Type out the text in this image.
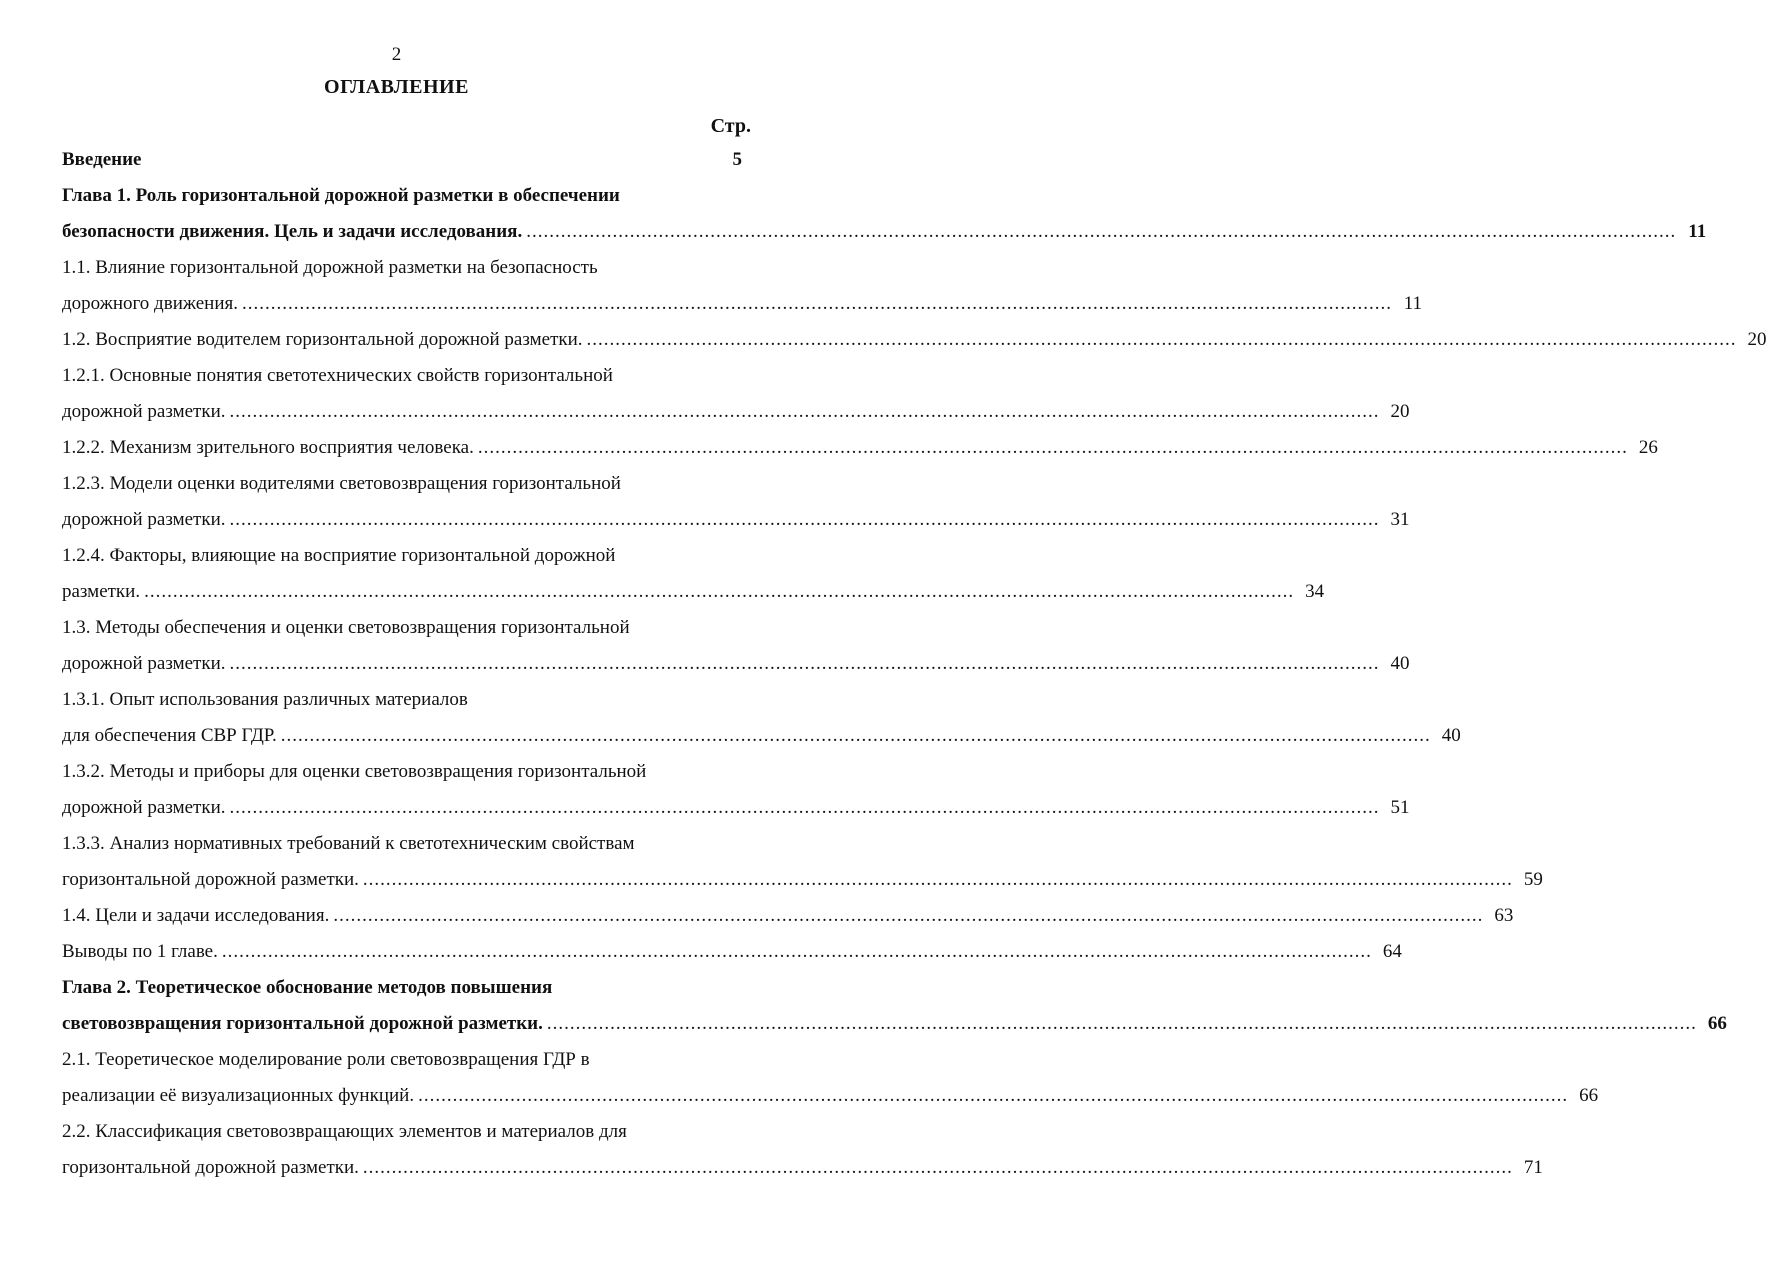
2
ОГЛАВЛЕНИЕ
Стр.
Введение	5
Глава 1. Роль горизонтальной дорожной разметки в обеспечении
безопасности движения. Цель и задачи исследования. ........................................................................................................................................................................................................ 11
1.1. Влияние горизонтальной дорожной разметки на безопасность
дорожного движения. ........................................................................................................................................................................................................ 11
1.2. Восприятие водителем горизонтальной дорожной разметки. ........................................................................................................................................................................................................ 20
1.2.1. Основные понятия светотехнических свойств горизонтальной
дорожной разметки. ........................................................................................................................................................................................................ 20
1.2.2. Механизм зрительного восприятия человека. ........................................................................................................................................................................................................ 26
1.2.3. Модели оценки водителями световозвращения горизонтальной
дорожной разметки. ........................................................................................................................................................................................................ 31
1.2.4. Факторы, влияющие на восприятие горизонтальной дорожной
разметки. ........................................................................................................................................................................................................ 34
1.3. Методы обеспечения и оценки световозвращения горизонтальной
дорожной разметки. ........................................................................................................................................................................................................ 40
1.3.1. Опыт использования различных материалов
для обеспечения СВР ГДР. ........................................................................................................................................................................................................ 40
1.3.2. Методы и приборы для оценки световозвращения горизонтальной
дорожной разметки. ........................................................................................................................................................................................................ 51
1.3.3. Анализ нормативных требований к светотехническим свойствам
горизонтальной дорожной разметки. ........................................................................................................................................................................................................ 59
1.4. Цели и задачи исследования. ........................................................................................................................................................................................................ 63
Выводы по 1 главе. ........................................................................................................................................................................................................ 64
Глава 2. Теоретическое обоснование методов повышения
световозвращения горизонтальной дорожной разметки. ........................................................................................................................................................................................................ 66
2.1. Теоретическое моделирование роли световозвращения ГДР в
реализации её визуализационных функций. ........................................................................................................................................................................................................ 66
2.2. Классификация световозвращающих элементов и материалов для
горизонтальной дорожной разметки. ........................................................................................................................................................................................................ 71
